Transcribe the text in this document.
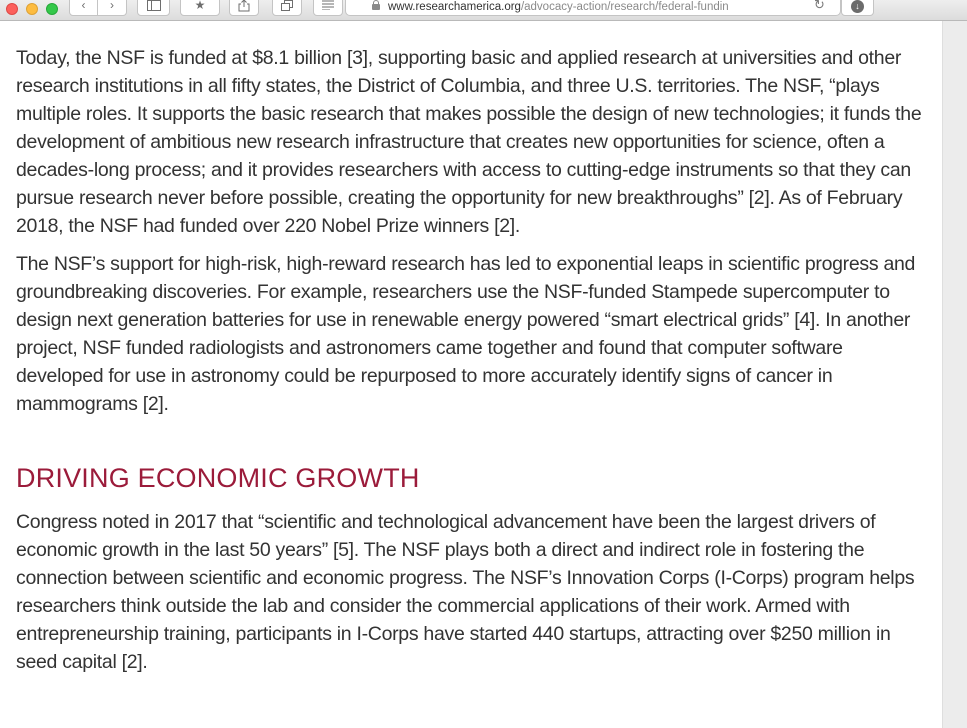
‹ ›	★	www.researchamerica.org/advocacy-action/research/federal-fundin	↻	↓

Today, the NSF is funded at $8.1 billion [3], supporting basic and applied research at universities and other research institutions in all fifty states, the District of Columbia, and three U.S. territories. The NSF, “plays multiple roles. It supports the basic research that makes possible the design of new technologies; it funds the development of ambitious new research infrastructure that creates new opportunities for science, often a decades-long process; and it provides researchers with access to cutting-edge instruments so that they can pursue research never before possible, creating the opportunity for new breakthroughs” [2]. As of February 2018, the NSF had funded over 220 Nobel Prize winners [2].

The NSF’s support for high-risk, high-reward research has led to exponential leaps in scientific progress and groundbreaking discoveries. For example, researchers use the NSF-funded Stampede supercomputer to design next generation batteries for use in renewable energy powered “smart electrical grids” [4]. In another project, NSF funded radiologists and astronomers came together and found that computer software developed for use in astronomy could be repurposed to more accurately identify signs of cancer in mammograms [2].

DRIVING ECONOMIC GROWTH

Congress noted in 2017 that “scientific and technological advancement have been the largest drivers of economic growth in the last 50 years” [5]. The NSF plays both a direct and indirect role in fostering the connection between scientific and economic progress. The NSF’s Innovation Corps (I-Corps) program helps researchers think outside the lab and consider the commercial applications of their work. Armed with entrepreneurship training, participants in I-Corps have started 440 startups, attracting over $250 million in seed capital [2].
